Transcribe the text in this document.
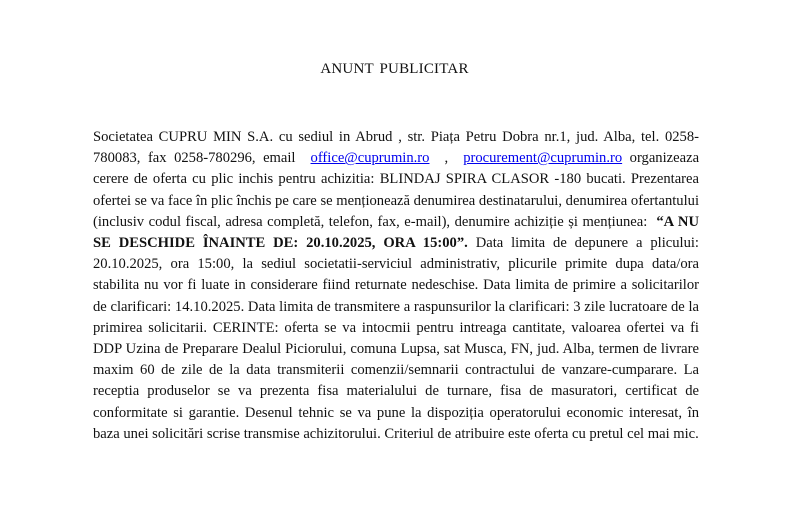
ANUNT PUBLICITAR
Societatea CUPRU MIN S.A. cu sediul in Abrud , str. Piața Petru Dobra nr.1, jud. Alba, tel. 0258-780083, fax 0258-780296, email office@cuprumin.ro , procurement@cuprumin.ro organizeaza cerere de oferta cu plic inchis pentru achizitia: BLINDAJ SPIRA CLASOR -180 bucati. Prezentarea ofertei se va face în plic închis pe care se menționează denumirea destinatarului, denumirea ofertantului (inclusiv codul fiscal, adresa completă, telefon, fax, e-mail), denumire achiziție și mențiunea: “A NU SE DESCHIDE ÎNAINTE DE: 20.10.2025, ORA 15:00”. Data limita de depunere a plicului: 20.10.2025, ora 15:00, la sediul societatii-serviciul administrativ, plicurile primite dupa data/ora stabilita nu vor fi luate in considerare fiind returnate nedeschise. Data limita de primire a solicitarilor de clarificari: 14.10.2025. Data limita de transmitere a raspunsurilor la clarificari: 3 zile lucratoare de la primirea solicitarii. CERINTE: oferta se va intocmii pentru intreaga cantitate, valoarea ofertei va fi DDP Uzina de Preparare Dealul Piciorului, comuna Lupsa, sat Musca, FN, jud. Alba, termen de livrare maxim 60 de zile de la data transmiterii comenzii/semnarii contractului de vanzare-cumparare. La receptia produselor se va prezenta fisa materialului de turnare, fisa de masuratori, certificat de conformitate si garantie. Desenul tehnic se va pune la dispoziția operatorului economic interesat, în baza unei solicitări scrise transmise achizitorului. Criteriul de atribuire este oferta cu pretul cel mai mic.
